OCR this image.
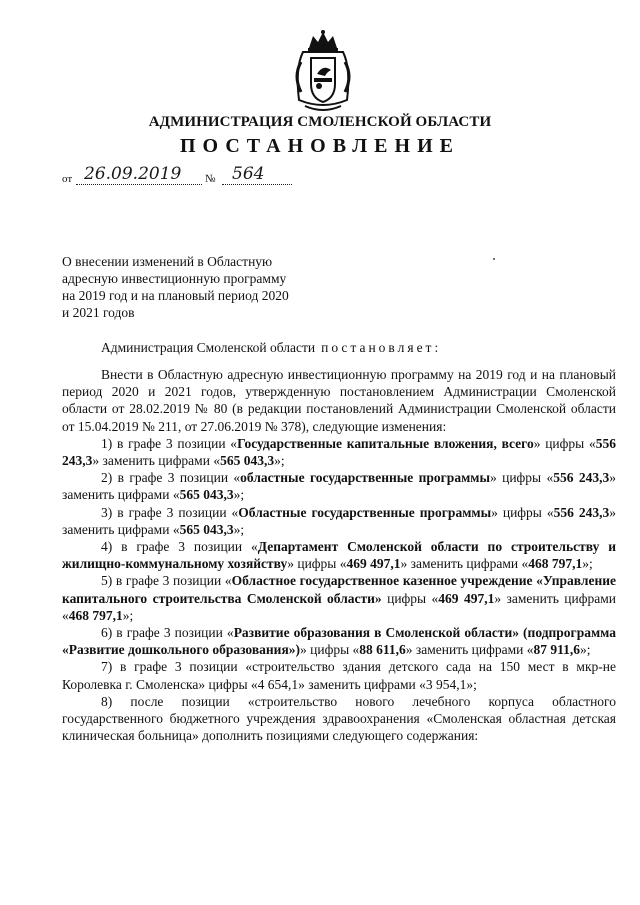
АДМИНИСТРАЦИЯ СМОЛЕНСКОЙ ОБЛАСТИ
ПОСТАНОВЛЕНИЕ
от 26.09.2019 № 564
О внесении изменений в Областную
адресную инвестиционную программу
на 2019 год и на плановый период 2020
и 2021 годов
Администрация Смоленской области постановляет:

Внести в Областную адресную инвестиционную программу на 2019 год и на плановый период 2020 и 2021 годов, утвержденную постановлением Администрации Смоленской области от 28.02.2019 № 80 (в редакции постановлений Администрации Смоленской области от 15.04.2019 № 211, от 27.06.2019 № 378), следующие изменения:

1) в графе 3 позиции «Государственные капитальные вложения, всего» цифры «556 243,3» заменить цифрами «565 043,3»;

2) в графе 3 позиции «областные государственные программы» цифры «556 243,3» заменить цифрами «565 043,3»;

3) в графе 3 позиции «Областные государственные программы» цифры «556 243,3» заменить цифрами «565 043,3»;

4) в графе 3 позиции «Департамент Смоленской области по строительству и жилищно-коммунальному хозяйству» цифры «469 497,1» заменить цифрами «468 797,1»;

5) в графе 3 позиции «Областное государственное казенное учреждение «Управление капитального строительства Смоленской области» цифры «469 497,1» заменить цифрами «468 797,1»;

6) в графе 3 позиции «Развитие образования в Смоленской области» (подпрограмма «Развитие дошкольного образования»)» цифры «88 611,6» заменить цифрами «87 911,6»;

7) в графе 3 позиции «строительство здания детского сада на 150 мест в мкр-не Королевка г. Смоленска» цифры «4 654,1» заменить цифрами «3 954,1»;

8) после позиции «строительство нового лечебного корпуса областного государственного бюджетного учреждения здравоохранения «Смоленская областная детская клиническая больница» дополнить позициями следующего содержания:
